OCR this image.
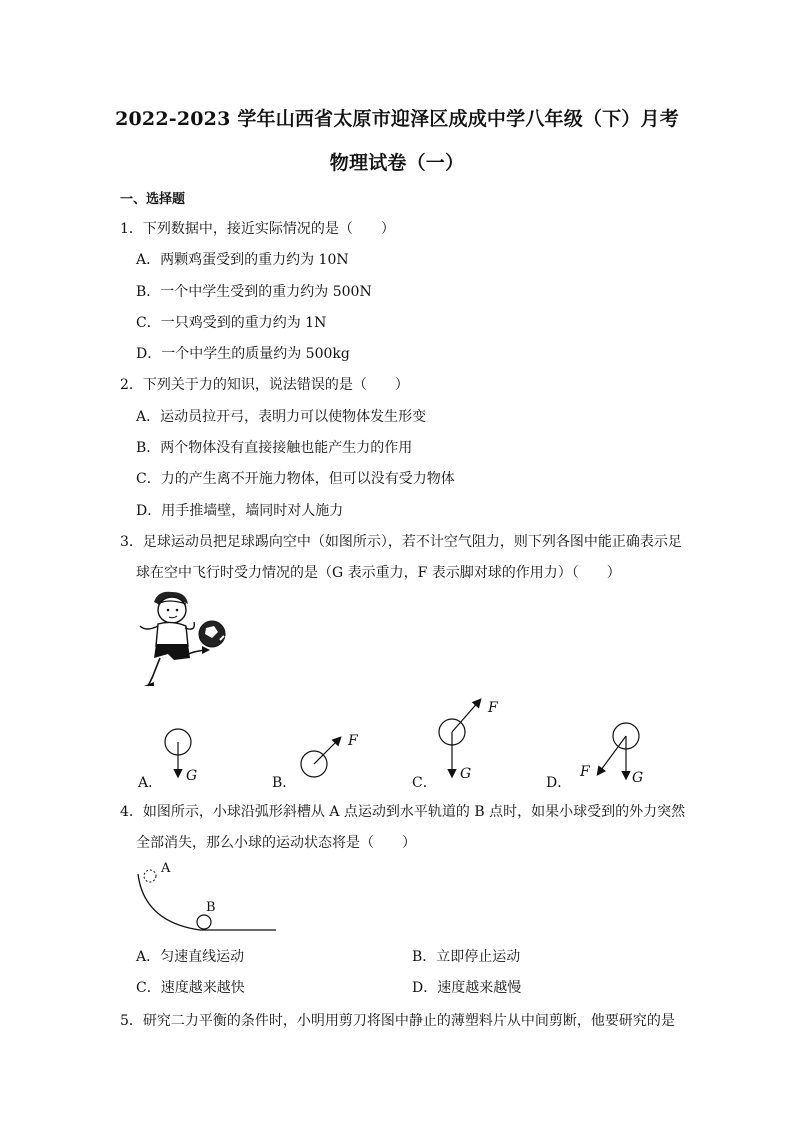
2022-2023 学年山西省太原市迎泽区成成中学八年级（下）月考
物理试卷（一）
一、选择题
1．下列数据中，接近实际情况的是（　　）
A．两颗鸡蛋受到的重力约为 10N
B．一个中学生受到的重力约为 500N
C．一只鸡受到的重力约为 1N
D．一个中学生的质量约为 500kg
2．下列关于力的知识，说法错误的是（　　）
A．运动员拉开弓，表明力可以使物体发生形变
B．两个物体没有直接接触也能产生力的作用
C．力的产生离不开施力物体，但可以没有受力物体
D．用手推墙壁，墙同时对人施力
3．足球运动员把足球踢向空中（如图所示），若不计空气阻力，则下列各图中能正确表示足
球在空中飞行时受力情况的是（G 表示重力，F 表示脚对球的作用力）（　　）
A．	B．	C．	D．
G
F
G
F
F	G
4．如图所示，小球沿弧形斜槽从 A 点运动到水平轨道的 B 点时，如果小球受到的外力突然
全部消失，那么小球的运动状态将是（　　）
A
B
A．匀速直线运动	B．立即停止运动
C．速度越来越快	D．速度越来越慢
5．研究二力平衡的条件时，小明用剪刀将图中静止的薄塑料片从中间剪断，他要研究的是
